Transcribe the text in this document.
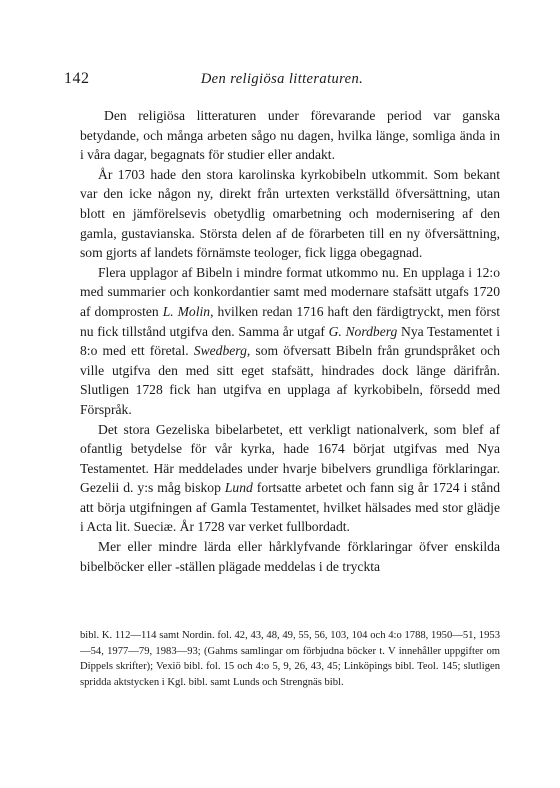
142	Den religiösa litteraturen.

Den religiösa litteraturen under förevarande period var ganska betydande, och många arbeten sågo nu dagen, hvilka länge, somliga ända in i våra dagar, begagnats för studier eller andakt.

År 1703 hade den stora karolinska kyrkobibeln utkommit. Som bekant var den icke någon ny, direkt från urtexten verkställd öfversättning, utan blott en jämförelsevis obetydlig omarbetning och modernisering af den gamla, gustavianska. Största delen af de förarbeten till en ny öfversättning, som gjorts af landets förnämste teologer, fick ligga obegagnad.

Flera upplagor af Bibeln i mindre format utkommo nu. En upplaga i 12:o med summarier och konkordantier samt med modernare stafsätt utgafs 1720 af domprosten L. Molin, hvilken redan 1716 haft den färdigtryckt, men först nu fick tillstånd utgifva den. Samma år utgaf G. Nordberg Nya Testamentet i 8:o med ett företal. Swedberg, som öfversatt Bibeln från grundspråket och ville utgifva den med sitt eget stafsätt, hindrades dock länge därifrån. Slutligen 1728 fick han utgifva en upplaga af kyrkobibeln, försedd med Förspråk.

Det stora Gezeliska bibelarbetet, ett verkligt nationalverk, som blef af ofantlig betydelse för vår kyrka, hade 1674 börjat utgifvas med Nya Testamentet. Här meddelades under hvarje bibelvers grundliga förklaringar. Gezelii d. y:s måg biskop Lund fortsatte arbetet och fann sig år 1724 i stånd att börja utgifningen af Gamla Testamentet, hvilket hälsades med stor glädje i Acta lit. Sueciæ. År 1728 var verket fullbordadt.

Mer eller mindre lärda eller hårklyfvande förklaringar öfver enskilda bibelböcker eller -ställen plägade meddelas i de tryckta

bibl. K. 112—114 samt Nordin. fol. 42, 43, 48, 49, 55, 56, 103, 104 och 4:o 1788, 1950—51, 1953—54, 1977—79, 1983—93; (Gahms samlingar om förbjudna böcker t. V innehåller uppgifter om Dippels skrifter); Vexiö bibl. fol. 15 och 4:o 5, 9, 26, 43, 45; Linköpings bibl. Teol. 145; slutligen spridda aktstycken i Kgl. bibl. samt Lunds och Strengnäs bibl.
